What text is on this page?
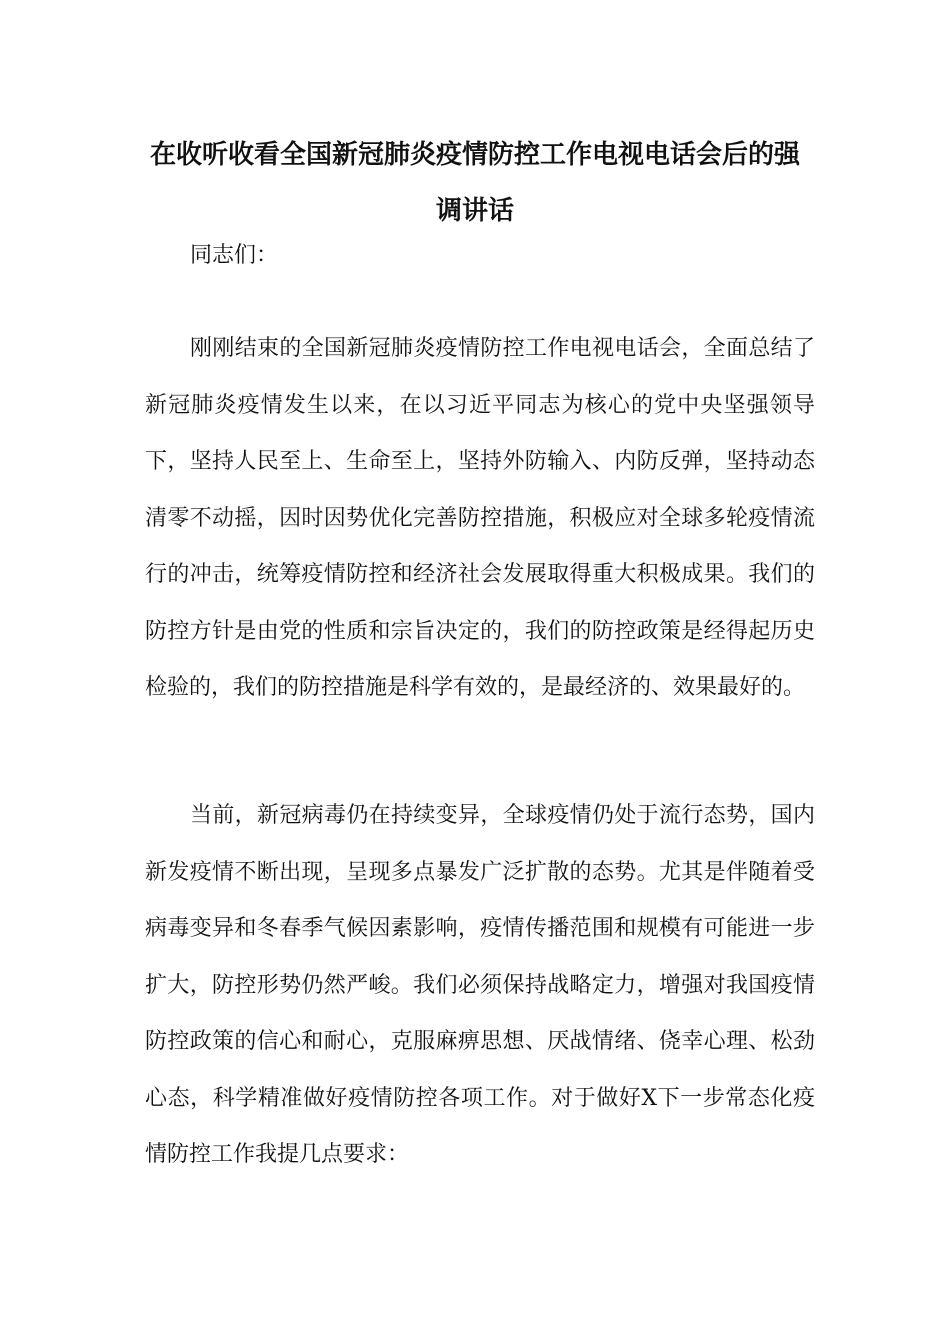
在收听收看全国新冠肺炎疫情防控工作电视电话会后的强
调讲话
同志们：
刚刚结束的全国新冠肺炎疫情防控工作电视电话会，全面总结了新冠肺炎疫情发生以来，在以习近平同志为核心的党中央坚强领导下，坚持人民至上、生命至上，坚持外防输入、内防反弹，坚持动态清零不动摇，因时因势优化完善防控措施，积极应对全球多轮疫情流行的冲击，统筹疫情防控和经济社会发展取得重大积极成果。我们的防控方针是由党的性质和宗旨决定的，我们的防控政策是经得起历史检验的，我们的防控措施是科学有效的，是最经济的、效果最好的。
当前，新冠病毒仍在持续变异，全球疫情仍处于流行态势，国内新发疫情不断出现，呈现多点暴发广泛扩散的态势。尤其是伴随着受病毒变异和冬春季气候因素影响，疫情传播范围和规模有可能进一步扩大，防控形势仍然严峻。我们必须保持战略定力，增强对我国疫情防控政策的信心和耐心，克服麻痹思想、厌战情绪、侥幸心理、松劲心态，科学精准做好疫情防控各项工作。对于做好X下一步常态化疫情防控工作我提几点要求：
